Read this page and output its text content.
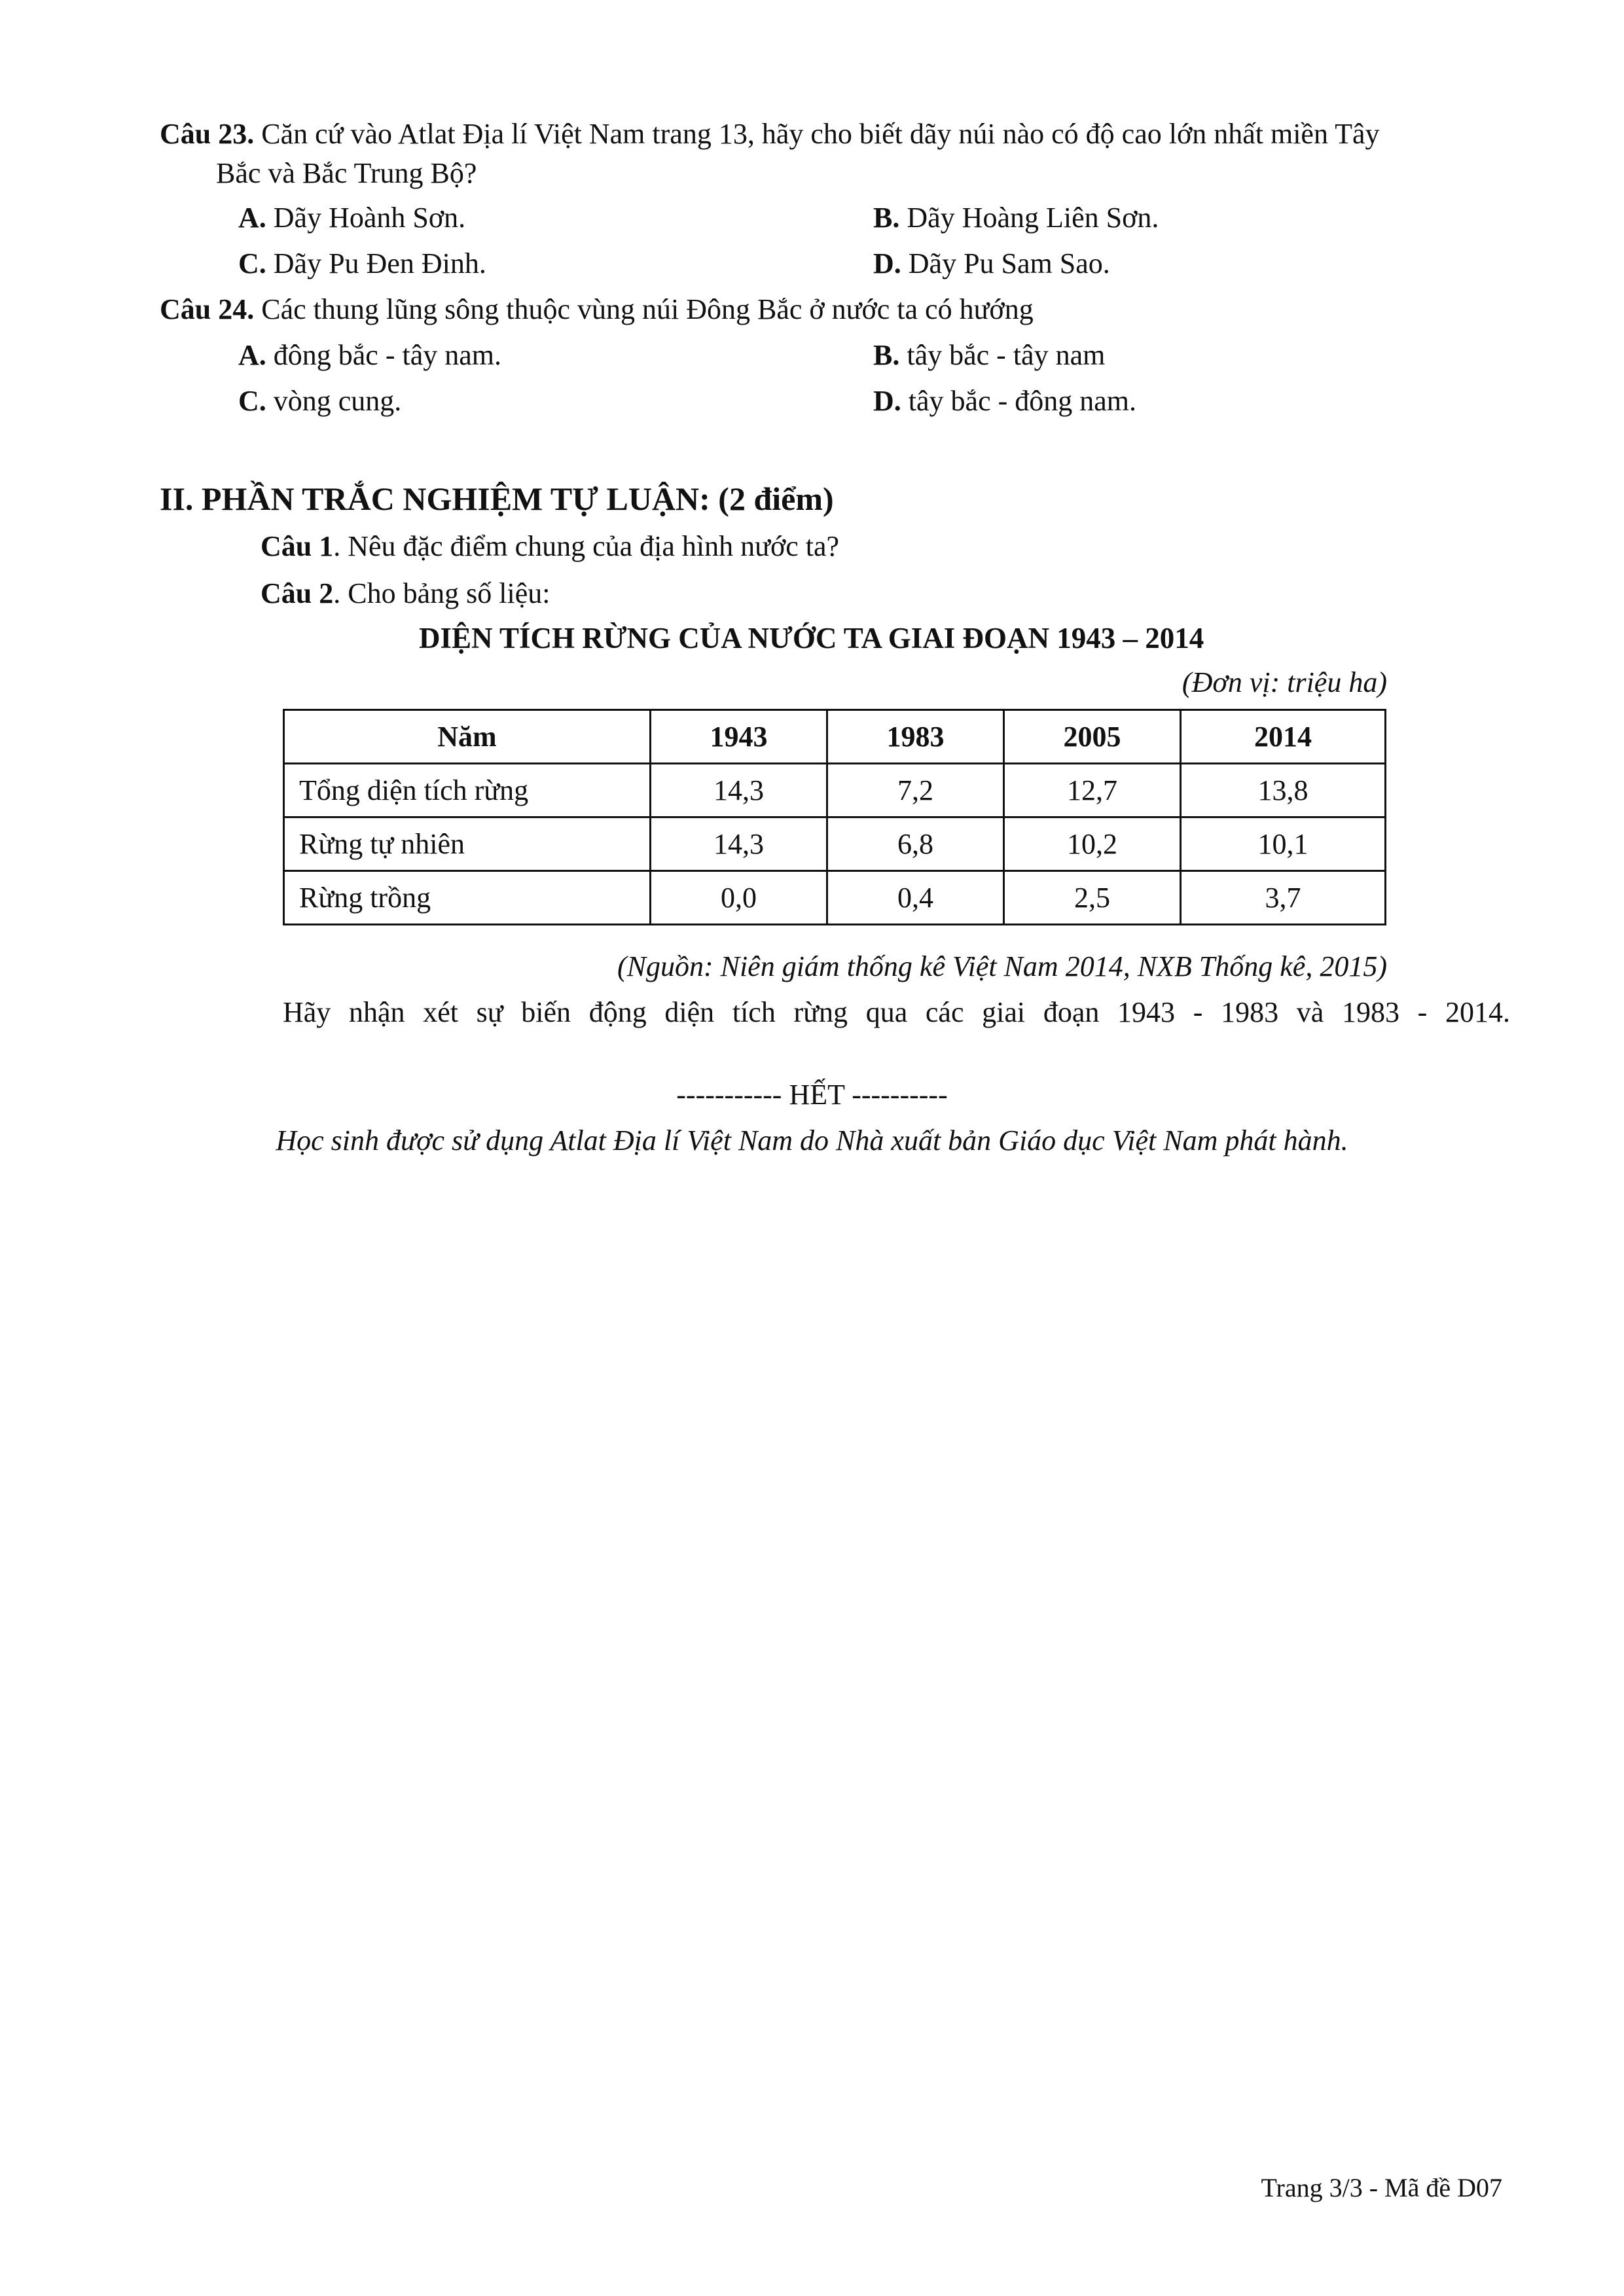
Câu 23. Căn cứ vào Atlat Địa lí Việt Nam trang 13, hãy cho biết dãy núi nào có độ cao lớn nhất miền Tây
Bắc và Bắc Trung Bộ?
A. Dãy Hoành Sơn.	B. Dãy Hoàng Liên Sơn.
C. Dãy Pu Đen Đinh.	D. Dãy Pu Sam Sao.
Câu 24. Các thung lũng sông thuộc vùng núi Đông Bắc ở nước ta có hướng
A. đông bắc - tây nam.	B. tây bắc - tây nam
C. vòng cung.	D. tây bắc - đông nam.
II. PHẦN TRẮC NGHIỆM TỰ LUẬN: (2 điểm)
Câu 1. Nêu đặc điểm chung của địa hình nước ta?
Câu 2. Cho bảng số liệu:
DIỆN TÍCH RỪNG CỦA NƯỚC TA GIAI ĐOẠN 1943 – 2014
(Đơn vị: triệu ha)
Năm	1943	1983	2005	2014
Tổng diện tích rừng	14,3	7,2	12,7	13,8
Rừng tự nhiên	14,3	6,8	10,2	10,1
Rừng trồng	0,0	0,4	2,5	3,7
(Nguồn: Niên giám thống kê Việt Nam 2014, NXB Thống kê, 2015)
Hãy nhận xét sự biến động diện tích rừng qua các giai đoạn 1943 - 1983 và 1983 - 2014.
----------- HẾT ----------
Học sinh được sử dụng Atlat Địa lí Việt Nam do Nhà xuất bản Giáo dục Việt Nam phát hành.
Trang 3/3 - Mã đề D07
